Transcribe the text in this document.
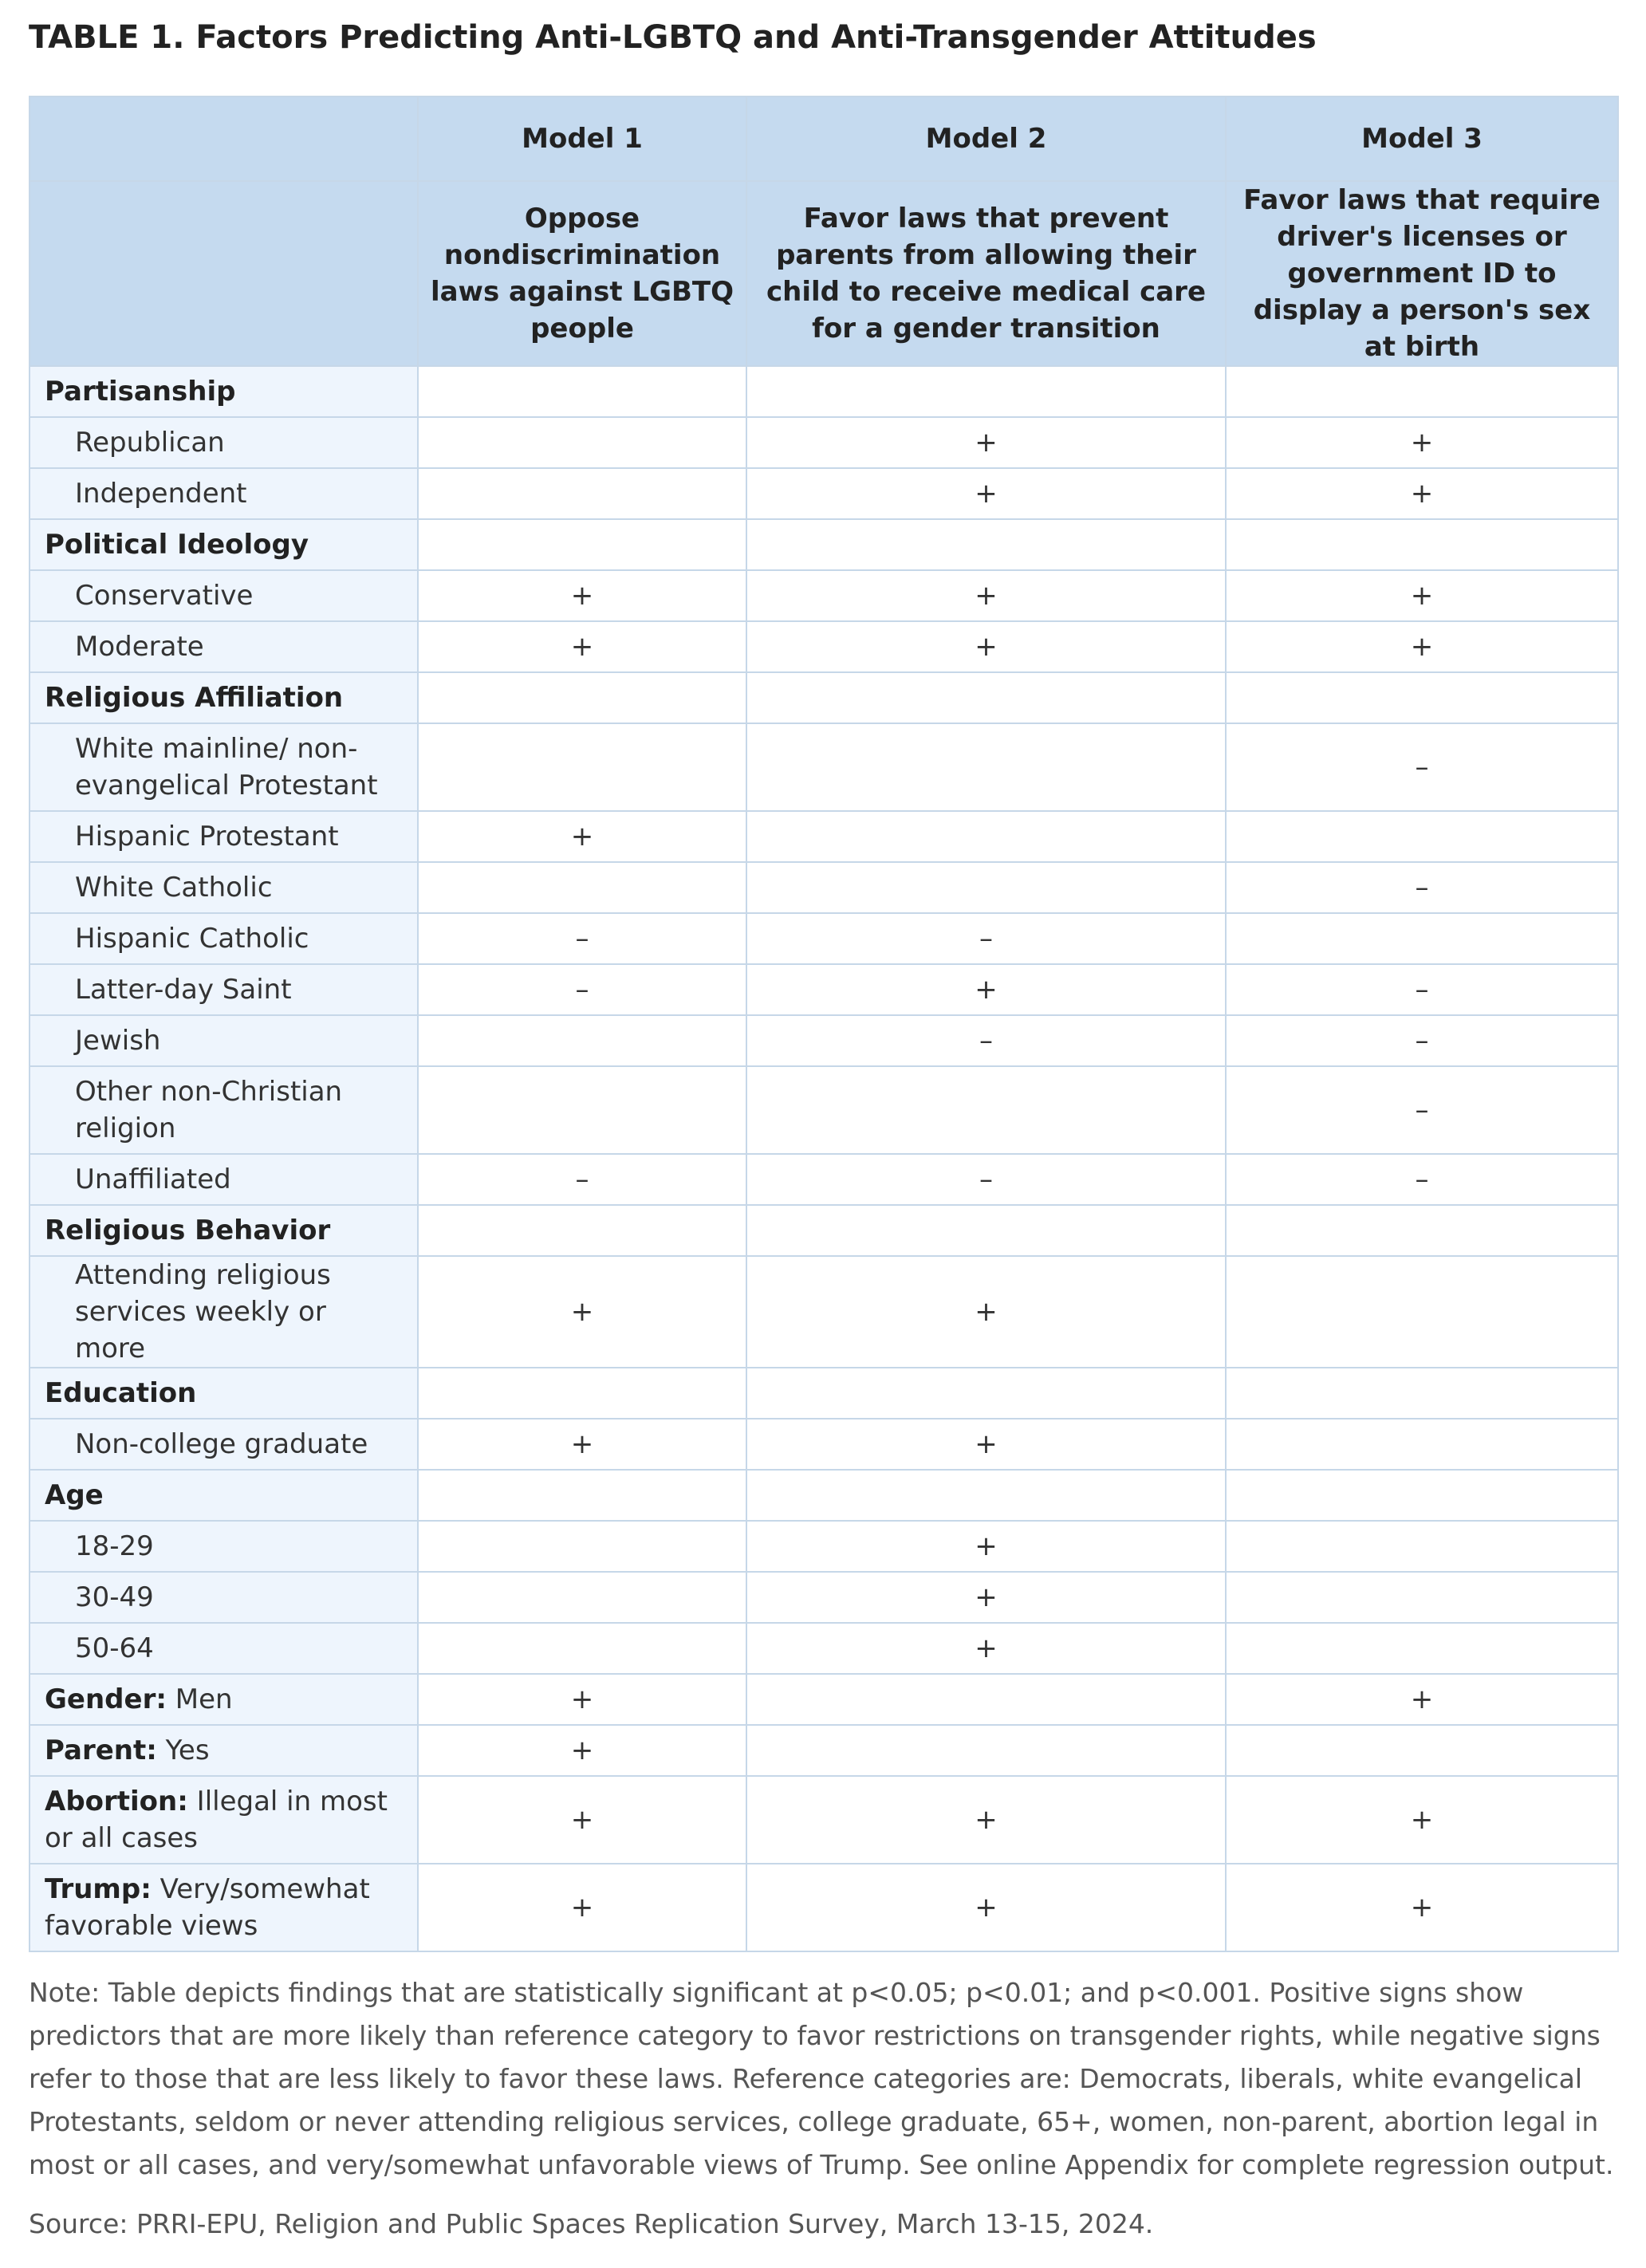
TABLE 1. Factors Predicting Anti-LGBTQ and Anti-Transgender Attitudes
	Model 1	Model 2	Model 3
	Oppose nondiscrimination laws against LGBTQ people	Favor laws that prevent parents from allowing their child to receive medical care for a gender transition	Favor laws that require driver's licenses or government ID to display a person's sex at birth
Partisanship			
Republican		+	+
Independent		+	+
Political Ideology			
Conservative	+	+	+
Moderate	+	+	+
Religious Affiliation			
White mainline/ non-evangelical Protestant			–
Hispanic Protestant	+		
White Catholic			–
Hispanic Catholic	–	–	
Latter-day Saint	–	+	–
Jewish		–	–
Other non-Christian religion			–
Unaffiliated	–	–	–
Religious Behavior			
Attending religious services weekly or more	+	+	
Education			
Non-college graduate	+	+	
Age			
18-29		+	
30-49		+	
50-64		+	
Gender: Men	+		+
Parent: Yes	+		
Abortion: Illegal in most or all cases	+	+	+
Trump: Very/somewhat favorable views	+	+	+
Note: Table depicts findings that are statistically significant at p<0.05; p<0.01; and p<0.001. Positive signs show predictors that are more likely than reference category to favor restrictions on transgender rights, while negative signs refer to those that are less likely to favor these laws. Reference categories are: Democrats, liberals, white evangelical Protestants, seldom or never attending religious services, college graduate, 65+, women, non-parent, abortion legal in most or all cases, and very/somewhat unfavorable views of Trump. See online Appendix for complete regression output.
Source: PRRI-EPU, Religion and Public Spaces Replication Survey, March 13-15, 2024.
